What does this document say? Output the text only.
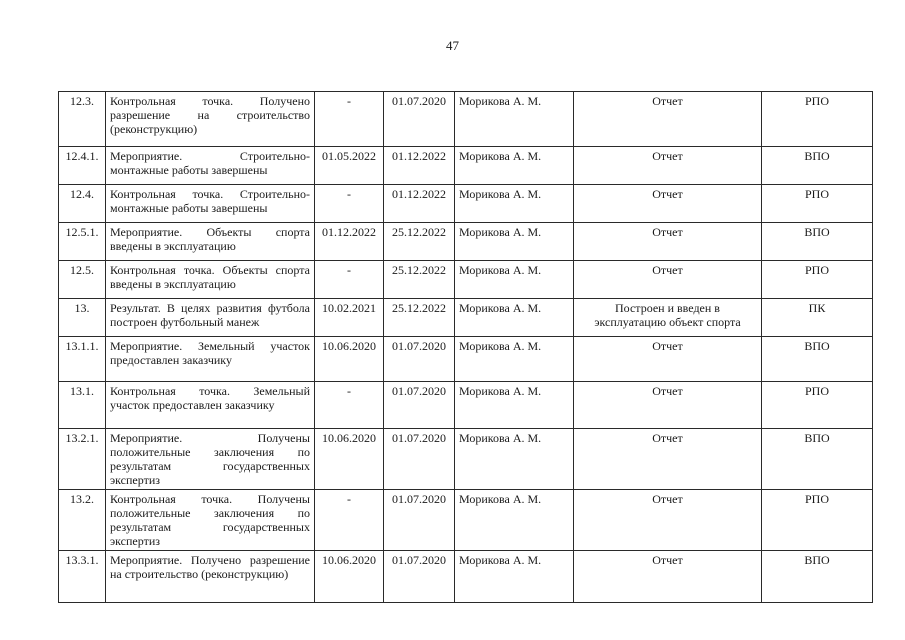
47
12.3.	Контрольная точка. Получено разрешение на строительство (реконструкцию)	-	01.07.2020	Морикова А. М.	Отчет	РПО
12.4.1.	Мероприятие. Строительно-монтажные работы завершены	01.05.2022	01.12.2022	Морикова А. М.	Отчет	ВПО
12.4.	Контрольная точка. Строительно-монтажные работы завершены	-	01.12.2022	Морикова А. М.	Отчет	РПО
12.5.1.	Мероприятие. Объекты спорта введены в эксплуатацию	01.12.2022	25.12.2022	Морикова А. М.	Отчет	ВПО
12.5.	Контрольная точка. Объекты спорта введены в эксплуатацию	-	25.12.2022	Морикова А. М.	Отчет	РПО
13.	Результат. В целях развития футбола построен футбольный манеж	10.02.2021	25.12.2022	Морикова А. М.	Построен и введен в эксплуатацию объект спорта	ПК
13.1.1.	Мероприятие. Земельный участок предоставлен заказчику	10.06.2020	01.07.2020	Морикова А. М.	Отчет	ВПО
13.1.	Контрольная точка. Земельный участок предоставлен заказчику	-	01.07.2020	Морикова А. М.	Отчет	РПО
13.2.1.	Мероприятие. Получены положительные заключения по результатам государственных экспертиз	10.06.2020	01.07.2020	Морикова А. М.	Отчет	ВПО
13.2.	Контрольная точка. Получены положительные заключения по результатам государственных экспертиз	-	01.07.2020	Морикова А. М.	Отчет	РПО
13.3.1.	Мероприятие. Получено разрешение на строительство (реконструкцию)	10.06.2020	01.07.2020	Морикова А. М.	Отчет	ВПО
